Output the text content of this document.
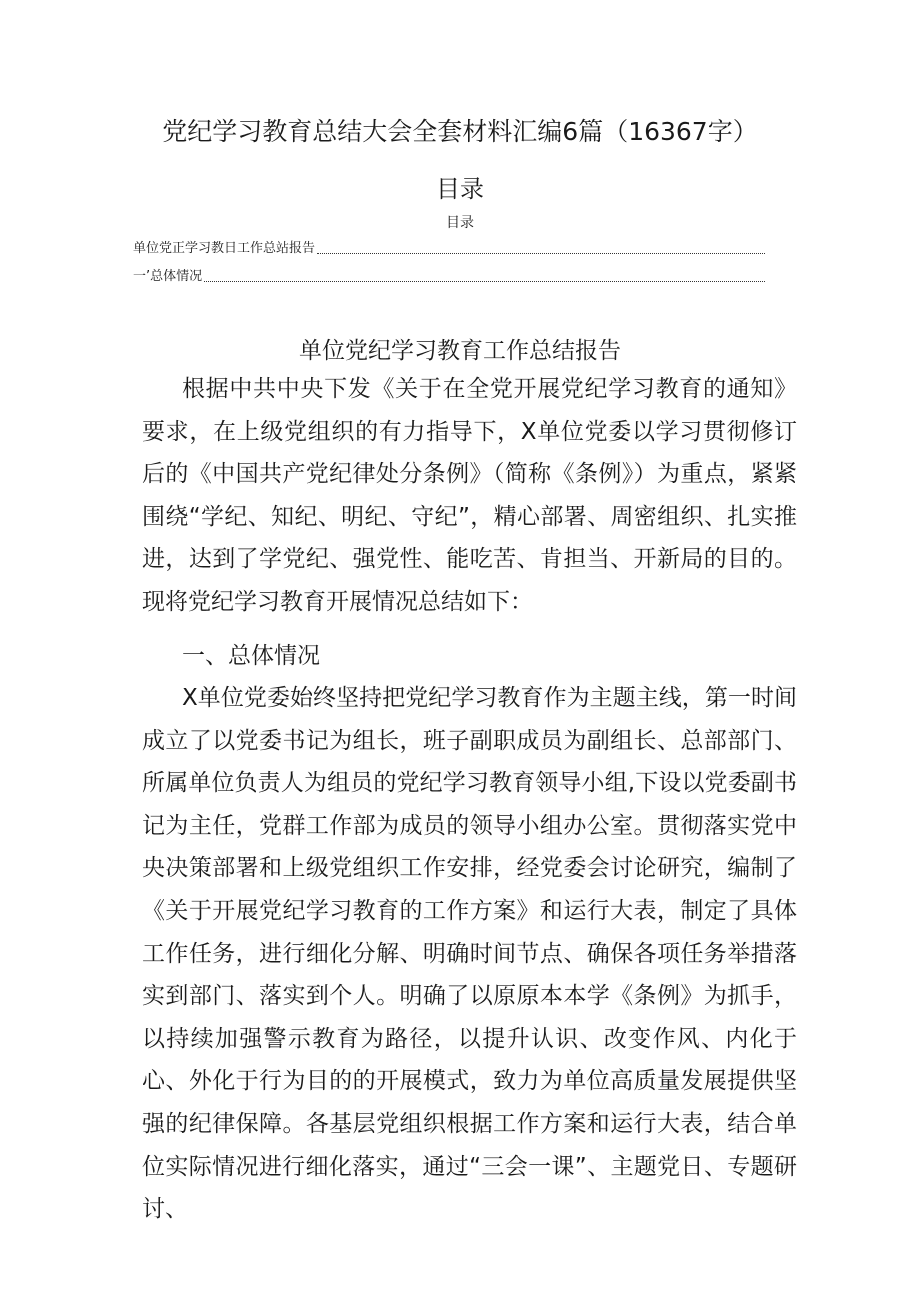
党纪学习教育总结大会全套材料汇编6篇（16367字）
目录
目录
单位党正学习教日工作总站报告
一’总体情况
单位党纪学习教育工作总结报告
根据中共中央下发《关于在全党开展党纪学习教育的通知》要求，在上级党组织的有力指导下，X单位党委以学习贯彻修订后的《中国共产党纪律处分条例》（简称《条例》）为重点，紧紧围绕“学纪、知纪、明纪、守纪”，精心部署、周密组织、扎实推进，达到了学党纪、强党性、能吃苦、肯担当、开新局的目的。现将党纪学习教育开展情况总结如下：
一、总体情况
X单位党委始终坚持把党纪学习教育作为主题主线，第一时间成立了以党委书记为组长，班子副职成员为副组长、总部部门、所属单位负责人为组员的党纪学习教育领导小组,下设以党委副书记为主任，党群工作部为成员的领导小组办公室。贯彻落实党中央决策部署和上级党组织工作安排，经党委会讨论研究，编制了《关于开展党纪学习教育的工作方案》和运行大表，制定了具体工作任务，进行细化分解、明确时间节点、确保各项任务举措落实到部门、落实到个人。明确了以原原本本学《条例》为抓手，以持续加强警示教育为路径，以提升认识、改变作风、内化于心、外化于行为目的的开展模式，致力为单位高质量发展提供坚强的纪律保障。各基层党组织根据工作方案和运行大表，结合单位实际情况进行细化落实，通过“三会一课”、主题党日、专题研讨、
